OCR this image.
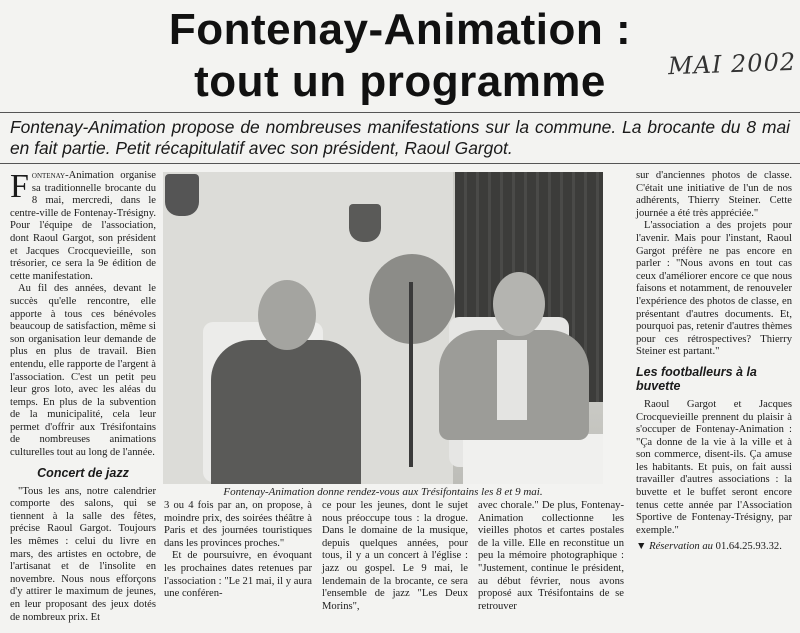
Fontenay-Animation :
tout un programme	MAI 2002
Fontenay-Animation propose de nombreuses manifestations sur la commune. La brocante du 8 mai en fait partie. Petit récapitulatif avec son président, Raoul Gargot.

Fontenay-Animation organise sa traditionnelle brocante du 8 mai, mercredi, dans le centre-ville de Fontenay-Trésigny. Pour l'équipe de l'association, dont Raoul Gargot, son président et Jacques Crocquevieille, son trésorier, ce sera la 9e édition de cette manifestation.

Au fil des années, devant le succès qu'elle rencontre, elle apporte à tous ces bénévoles beaucoup de satisfaction, même si son organisation leur demande de plus en plus de travail. Bien entendu, elle rapporte de l'argent à l'association. C'est un petit peu leur gros loto, avec les aléas du temps. En plus de la subvention de la municipalité, cela leur permet d'offrir aux Trésifontains de nombreuses animations culturelles tout au long de l'année.

Concert de jazz

"Tous les ans, notre calendrier comporte des salons, qui se tiennent à la salle des fêtes, précise Raoul Gargot. Toujours les mêmes : celui du livre en mars, des artistes en octobre, de l'artisanat et de l'insolite en novembre. Nous nous efforçons d'y attirer le maximum de jeunes, en leur proposant des jeux dotés de nombreux prix. Et

Fontenay-Animation donne rendez-vous aux Trésifontains les 8 et 9 mai.

3 ou 4 fois par an, on propose, à moindre prix, des soirées théâtre à Paris et des journées touristiques dans les provinces proches."

Et de poursuivre, en évoquant les prochaines dates retenues par l'association : "Le 21 mai, il y aura une conféren-

ce pour les jeunes, dont le sujet nous préoccupe tous : la drogue. Dans le domaine de la musique, depuis quelques années, pour tous, il y a un concert à l'église : jazz ou gospel. Le 9 mai, le lendemain de la brocante, ce sera l'ensemble de jazz "Les Deux Morins",

avec chorale." De plus, Fontenay-Animation collectionne les vieilles photos et cartes postales de la ville. Elle en reconstitue un peu la mémoire photographique : "Justement, continue le président, au début février, nous avons proposé aux Trésifontains de se retrouver

sur d'anciennes photos de classe. C'était une initiative de l'un de nos adhérents, Thierry Steiner. Cette journée a été très appréciée."

L'association a des projets pour l'avenir. Mais pour l'instant, Raoul Gargot préfère ne pas encore en parler : "Nous avons en tout cas ceux d'améliorer encore ce que nous faisons et notamment, de renouveler l'expérience des photos de classe, en présentant d'autres documents. Et, pourquoi pas, retenir d'autres thèmes pour ces rétrospectives? Thierry Steiner est partant."

Les footballeurs à la buvette

Raoul Gargot et Jacques Crocquevieille prennent du plaisir à s'occuper de Fontenay-Animation : "Ça donne de la vie à la ville et à son commerce, disent-ils. Ça amuse les habitants. Et puis, on fait aussi travailler d'autres associations : la buvette et le buffet seront encore tenus cette année par l'Association Sportive de Fontenay-Trésigny, par exemple."

▼ Réservation au 01.64.25.93.32.
